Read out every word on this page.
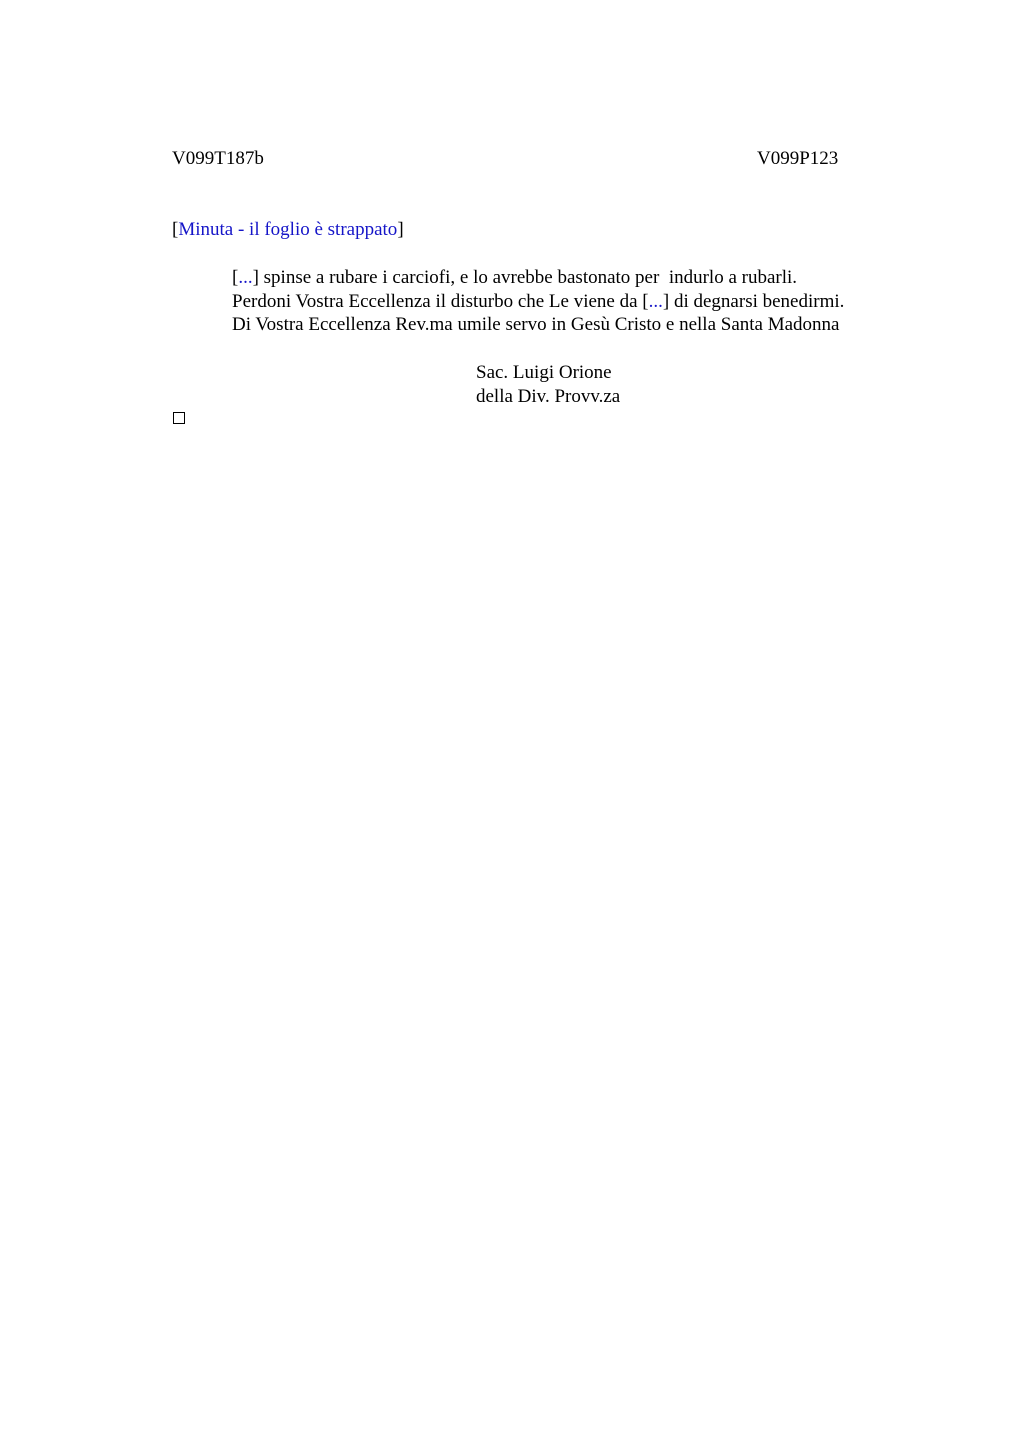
V099T187b	V099P123
[Minuta - il foglio è strappato]
[...] spinse a rubare i carciofi, e lo avrebbe bastonato per  indurlo a rubarli.
Perdoni Vostra Eccellenza il disturbo che Le viene da [...] di degnarsi benedirmi.
Di Vostra Eccellenza Rev.ma umile servo in Gesù Cristo e nella Santa Madonna
Sac. Luigi Orione
della Div. Provv.za
